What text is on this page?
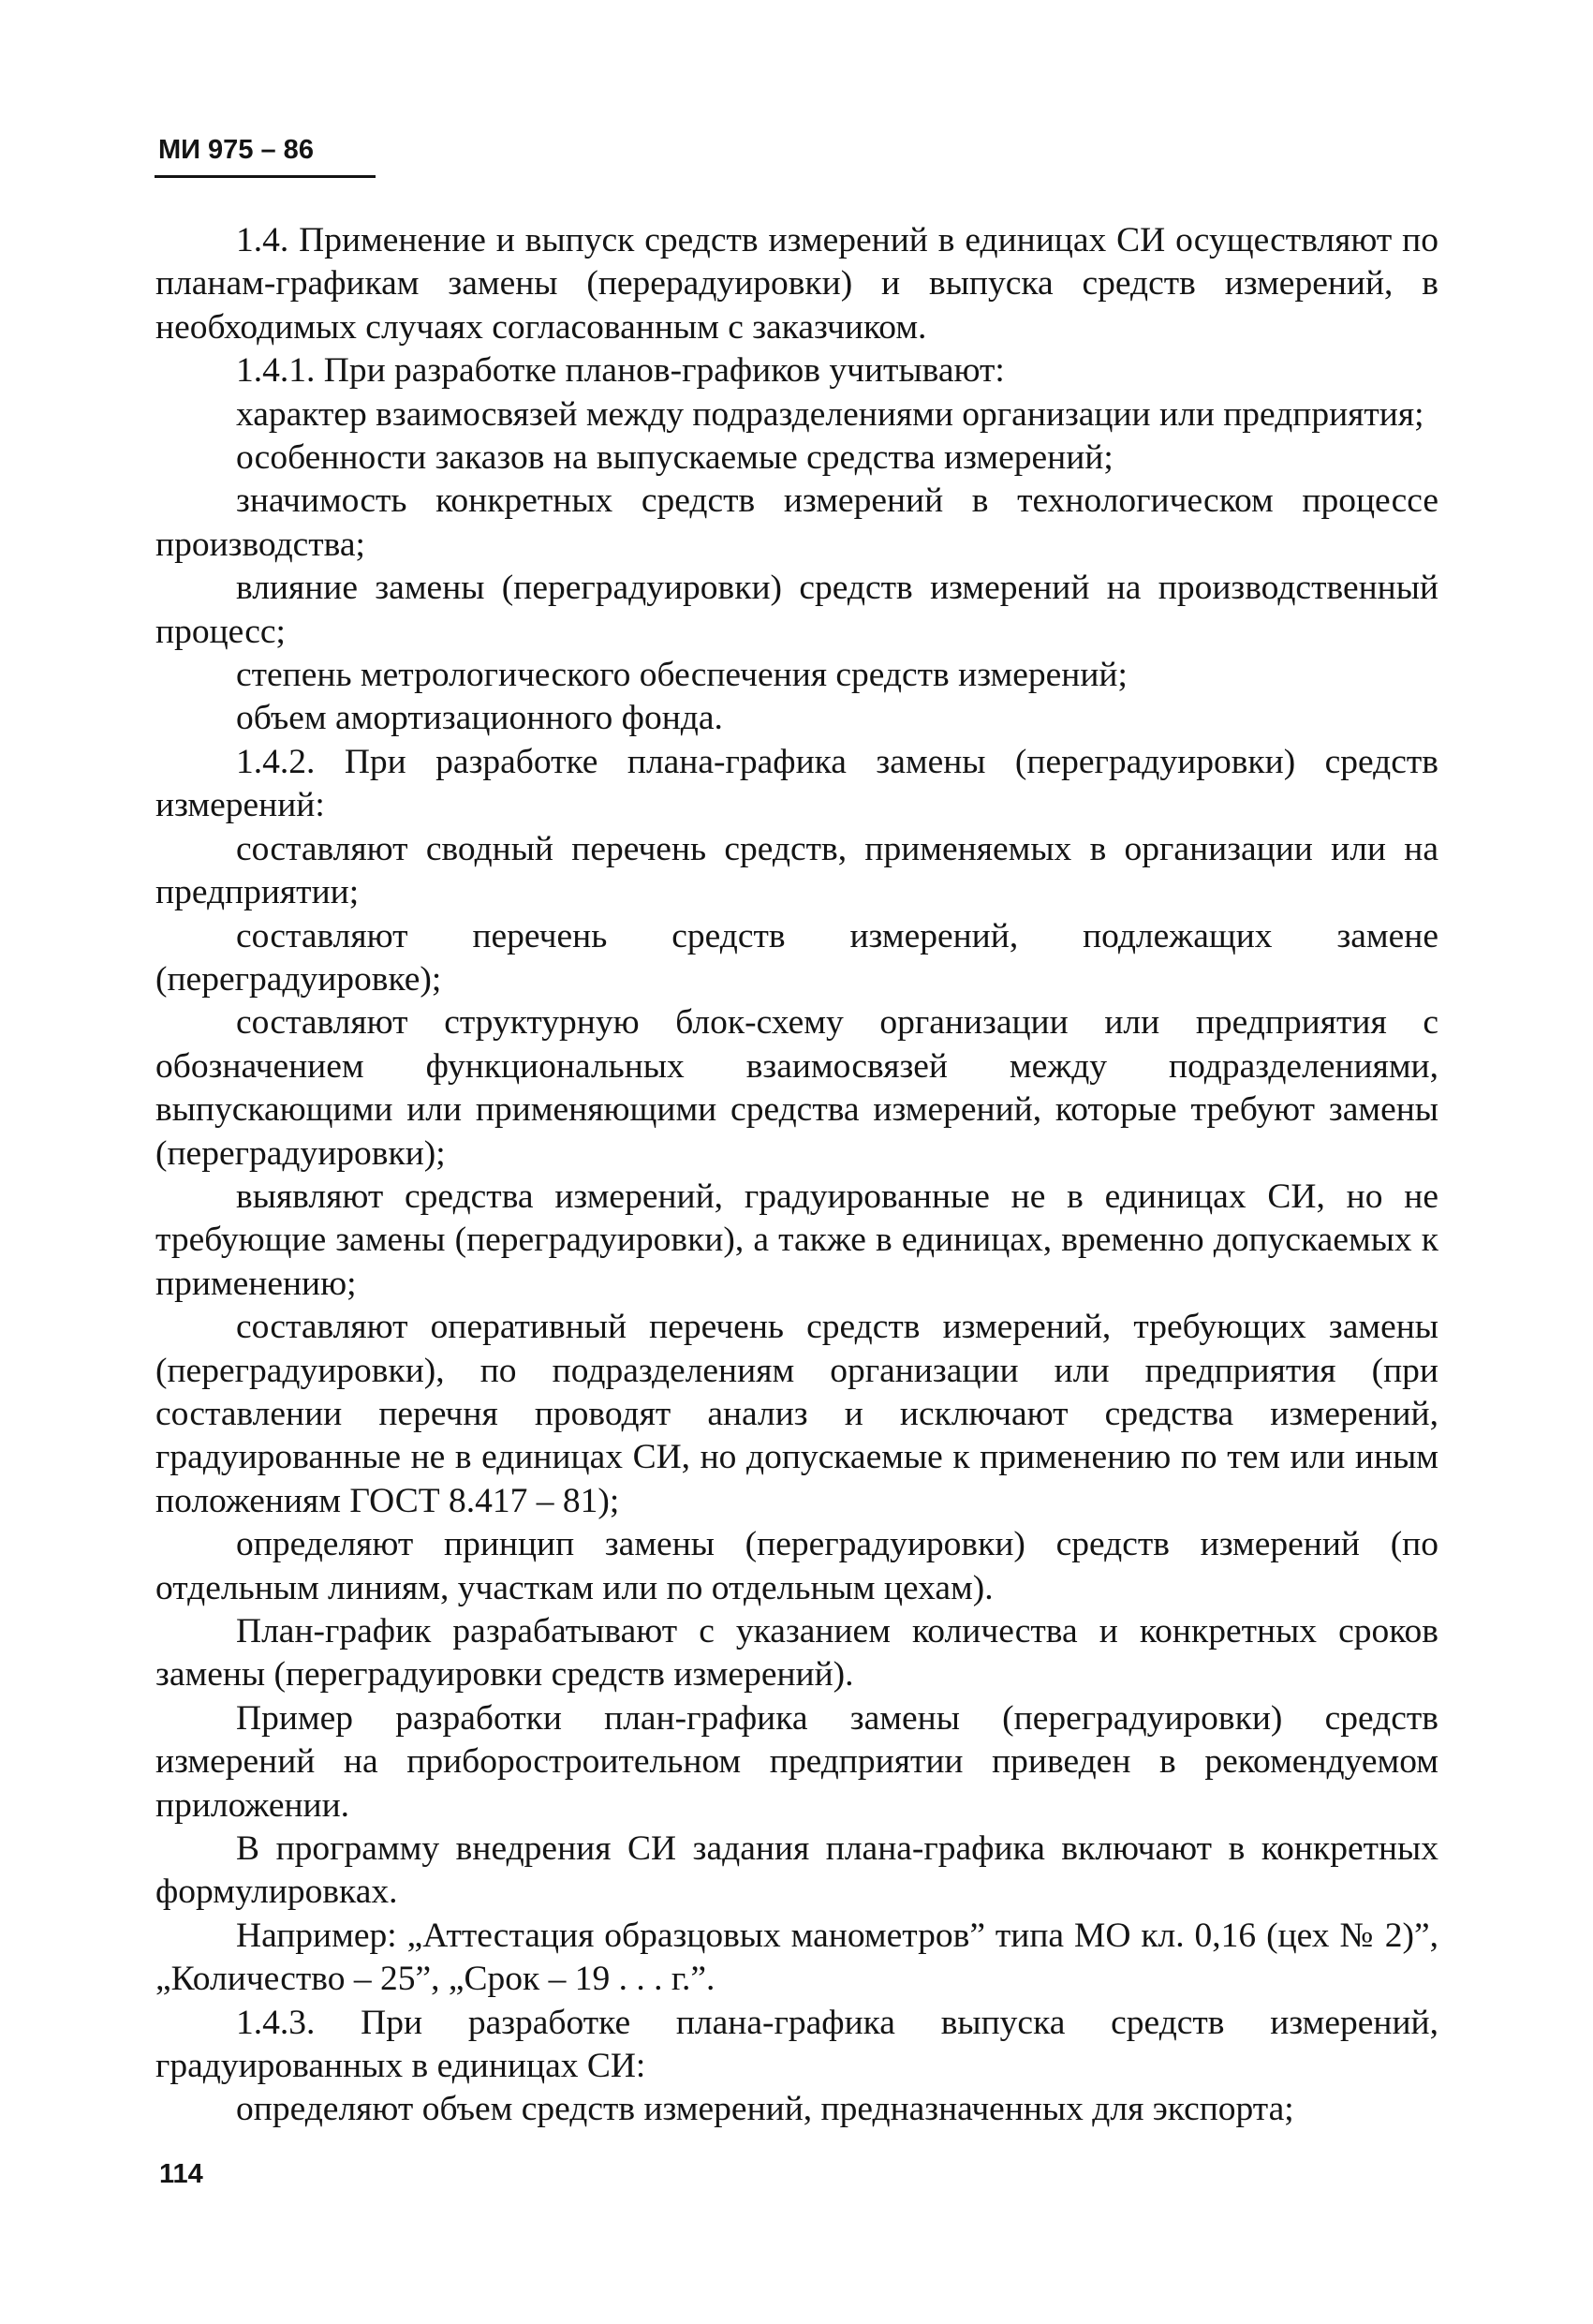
МИ 975 – 86

1.4. Применение и выпуск средств измерений в единицах СИ осуществляют по планам-графикам замены (перерадуировки) и выпуска средств измерений, в необходимых случаях согласованным с заказчиком.

1.4.1. При разработке планов-графиков учитывают:

характер взаимосвязей между подразделениями организации или предприятия;

особенности заказов на выпускаемые средства измерений;

значимость конкретных средств измерений в технологическом процессе производства;

влияние замены (переградуировки) средств измерений на производственный процесс;

степень метрологического обеспечения средств измерений;

объем амортизационного фонда.

1.4.2. При разработке плана-графика замены (переградуировки) средств измерений:

составляют сводный перечень средств, применяемых в организации или на предприятии;

составляют перечень средств измерений, подлежащих замене (переградуировке);

составляют структурную блок-схему организации или предприятия с обозначением функциональных взаимосвязей между подразделениями, выпускающими или применяющими средства измерений, которые требуют замены (переградуировки);

выявляют средства измерений, градуированные не в единицах СИ, но не требующие замены (переградуировки), а также в единицах, временно допускаемых к применению;

составляют оперативный перечень средств измерений, требующих замены (переградуировки), по подразделениям организации или предприятия (при составлении перечня проводят анализ и исключают средства измерений, градуированные не в единицах СИ, но допускаемые к применению по тем или иным положениям ГОСТ 8.417 – 81);

определяют принцип замены (переградуировки) средств измерений (по отдельным линиям, участкам или по отдельным цехам).

План-график разрабатывают с указанием количества и конкретных сроков замены (переградуировки средств измерений).

Пример разработки план-графика замены (переградуировки) средств измерений на приборостроительном предприятии приведен в рекомендуемом приложении.

В программу внедрения СИ задания плана-графика включают в конкретных формулировках.

Например: „Аттестация образцовых манометров” типа МО кл. 0,16 (цех № 2)”, „Количество – 25”, „Срок – 19 . . . г.”.

1.4.3. При разработке плана-графика выпуска средств измерений, градуированных в единицах СИ:

определяют объем средств измерений, предназначенных для экспорта;

114
